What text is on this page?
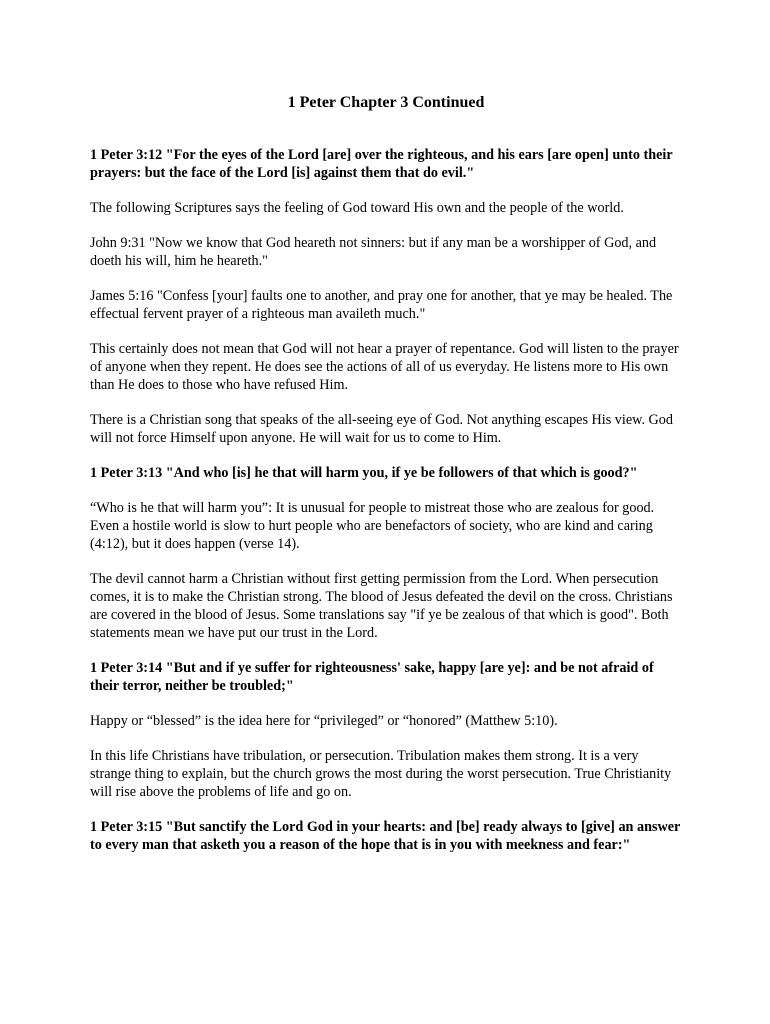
1 Peter Chapter 3 Continued

1 Peter 3:12 "For the eyes of the Lord [are] over the righteous, and his ears [are open] unto their prayers: but the face of the Lord [is] against them that do evil."

The following Scriptures says the feeling of God toward His own and the people of the world.

John 9:31 "Now we know that God heareth not sinners: but if any man be a worshipper of God, and doeth his will, him he heareth."

James 5:16 "Confess [your] faults one to another, and pray one for another, that ye may be healed. The effectual fervent prayer of a righteous man availeth much."

This certainly does not mean that God will not hear a prayer of repentance. God will listen to the prayer of anyone when they repent. He does see the actions of all of us everyday. He listens more to His own than He does to those who have refused Him.

There is a Christian song that speaks of the all-seeing eye of God. Not anything escapes His view. God will not force Himself upon anyone. He will wait for us to come to Him.

1 Peter 3:13 "And who [is] he that will harm you, if ye be followers of that which is good?"

“Who is he that will harm you”: It is unusual for people to mistreat those who are zealous for good. Even a hostile world is slow to hurt people who are benefactors of society, who are kind and caring (4:12), but it does happen (verse 14).

The devil cannot harm a Christian without first getting permission from the Lord. When persecution comes, it is to make the Christian strong. The blood of Jesus defeated the devil on the cross. Christians are covered in the blood of Jesus. Some translations say "if ye be zealous of that which is good". Both statements mean we have put our trust in the Lord.

1 Peter 3:14 "But and if ye suffer for righteousness' sake, happy [are ye]: and be not afraid of their terror, neither be troubled;"

Happy or “blessed” is the idea here for “privileged” or “honored” (Matthew 5:10).

In this life Christians have tribulation, or persecution. Tribulation makes them strong. It is a very strange thing to explain, but the church grows the most during the worst persecution. True Christianity will rise above the problems of life and go on.

1 Peter 3:15 "But sanctify the Lord God in your hearts: and [be] ready always to [give] an answer to every man that asketh you a reason of the hope that is in you with meekness and fear:"
